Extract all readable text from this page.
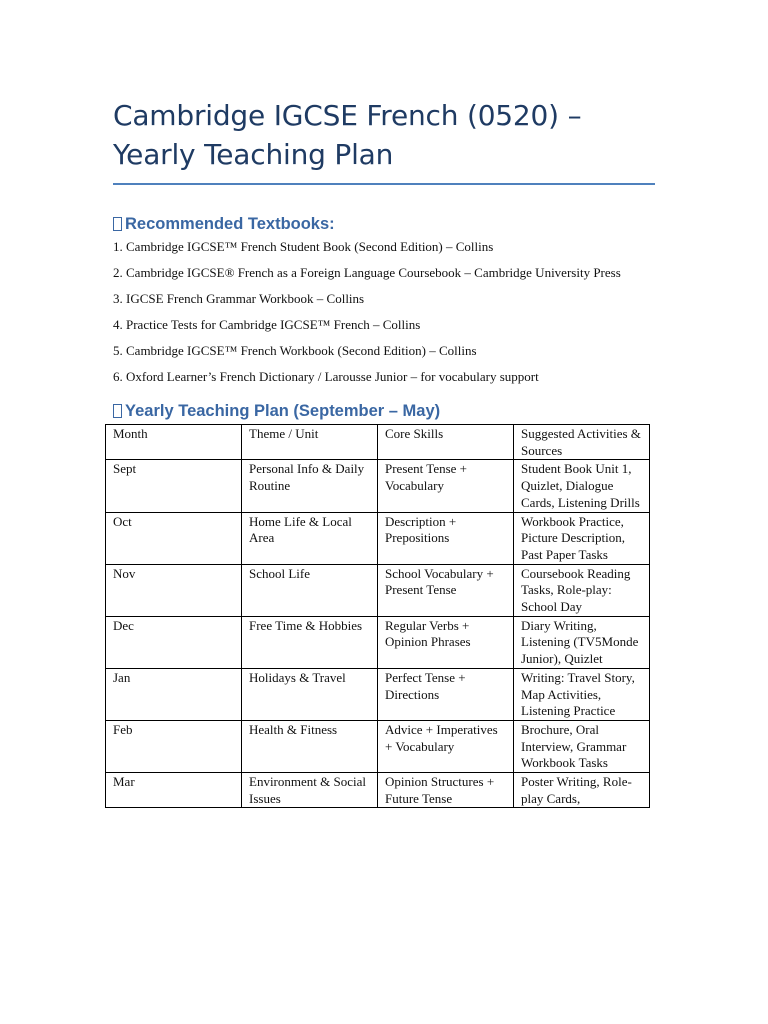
Cambridge IGCSE French (0520) – Yearly Teaching Plan
Recommended Textbooks:
1. Cambridge IGCSE™ French Student Book (Second Edition) – Collins
2. Cambridge IGCSE® French as a Foreign Language Coursebook – Cambridge University Press
3. IGCSE French Grammar Workbook – Collins
4. Practice Tests for Cambridge IGCSE™ French – Collins
5. Cambridge IGCSE™ French Workbook (Second Edition) – Collins
6. Oxford Learner’s French Dictionary / Larousse Junior – for vocabulary support
Yearly Teaching Plan (September – May)
Month	Theme / Unit	Core Skills	Suggested Activities & Sources
Sept	Personal Info & Daily Routine	Present Tense + Vocabulary	Student Book Unit 1, Quizlet, Dialogue Cards, Listening Drills
Oct	Home Life & Local Area	Description + Prepositions	Workbook Practice, Picture Description, Past Paper Tasks
Nov	School Life	School Vocabulary + Present Tense	Coursebook Reading Tasks, Role-play: School Day
Dec	Free Time & Hobbies	Regular Verbs + Opinion Phrases	Diary Writing, Listening (TV5Monde Junior), Quizlet
Jan	Holidays & Travel	Perfect Tense + Directions	Writing: Travel Story, Map Activities, Listening Practice
Feb	Health & Fitness	Advice + Imperatives + Vocabulary	Brochure, Oral Interview, Grammar Workbook Tasks
Mar	Environment & Social Issues	Opinion Structures + Future Tense	Poster Writing, Role-play Cards,
